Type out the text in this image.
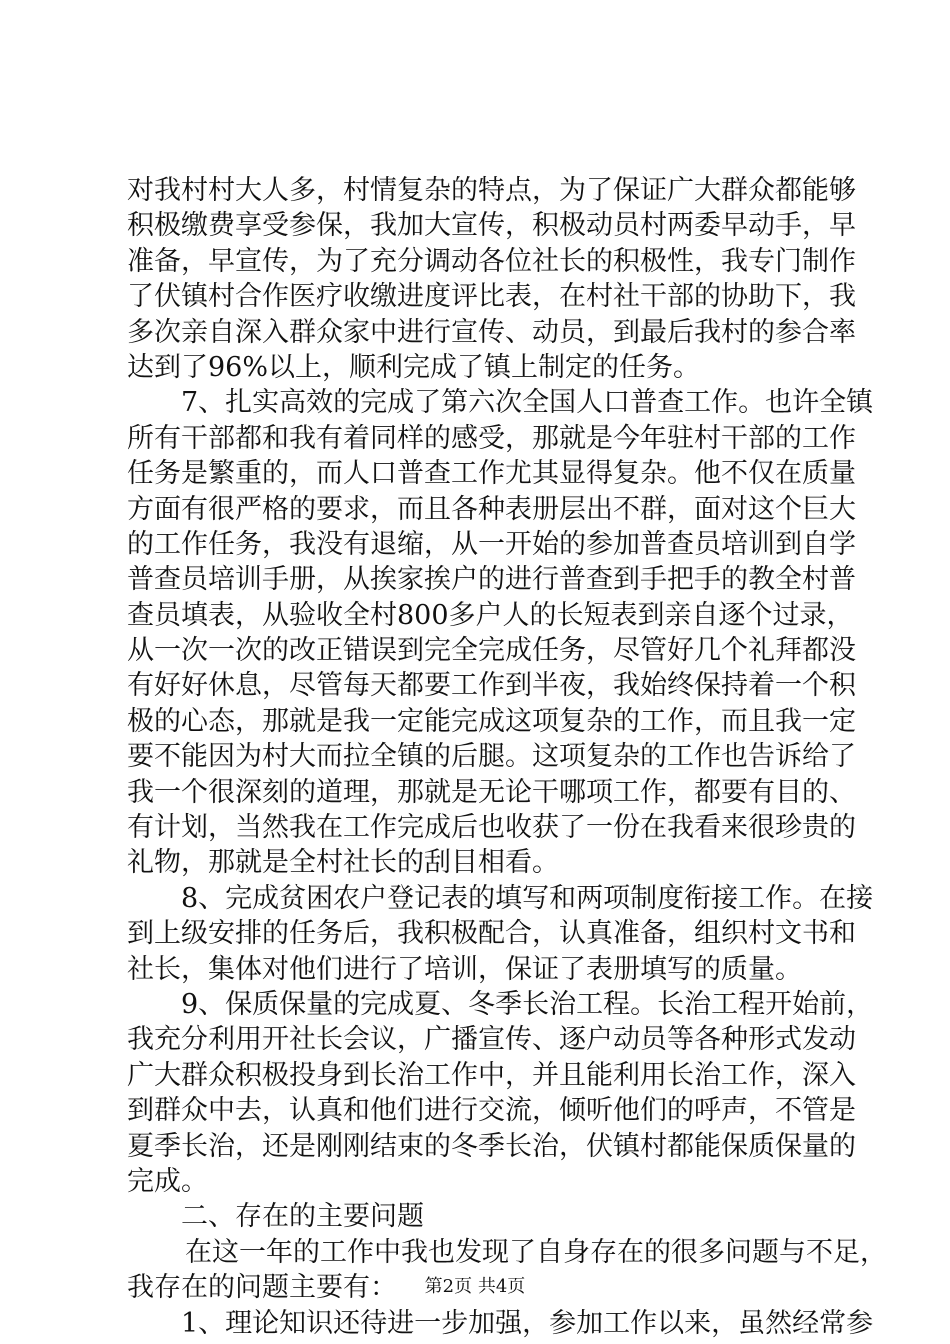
对我村村大人多，村情复杂的特点，为了保证广大群众都能够
积极缴费享受参保，我加大宣传，积极动员村两委早动手，早
准备，早宣传，为了充分调动各位社长的积极性，我专门制作
了伏镇村合作医疗收缴进度评比表，在村社干部的协助下，我
多次亲自深入群众家中进行宣传、动员，到最后我村的参合率
达到了96%以上，顺利完成了镇上制定的任务。
7、扎实高效的完成了第六次全国人口普查工作。也许全镇
所有干部都和我有着同样的感受，那就是今年驻村干部的工作
任务是繁重的，而人口普查工作尤其显得复杂。他不仅在质量
方面有很严格的要求，而且各种表册层出不群，面对这个巨大
的工作任务，我没有退缩，从一开始的参加普查员培训到自学
普查员培训手册，从挨家挨户的进行普查到手把手的教全村普
查员填表，从验收全村800多户人的长短表到亲自逐个过录，
从一次一次的改正错误到完全完成任务，尽管好几个礼拜都没
有好好休息，尽管每天都要工作到半夜，我始终保持着一个积
极的心态，那就是我一定能完成这项复杂的工作，而且我一定
要不能因为村大而拉全镇的后腿。这项复杂的工作也告诉给了
我一个很深刻的道理，那就是无论干哪项工作，都要有目的、
有计划，当然我在工作完成后也收获了一份在我看来很珍贵的
礼物，那就是全村社长的刮目相看。
8、完成贫困农户登记表的填写和两项制度衔接工作。在接
到上级安排的任务后，我积极配合，认真准备，组织村文书和
社长，集体对他们进行了培训，保证了表册填写的质量。
9、保质保量的完成夏、冬季长治工程。长治工程开始前，
我充分利用开社长会议，广播宣传、逐户动员等各种形式发动
广大群众积极投身到长治工作中，并且能利用长治工作，深入
到群众中去，认真和他们进行交流，倾听他们的呼声，不管是
夏季长治，还是刚刚结束的冬季长治，伏镇村都能保质保量的
完成。
二、存在的主要问题
在这一年的工作中我也发现了自身存在的很多问题与不足，
我存在的问题主要有：
1、理论知识还待进一步加强，参加工作以来，虽然经常参
第2页 共4页
